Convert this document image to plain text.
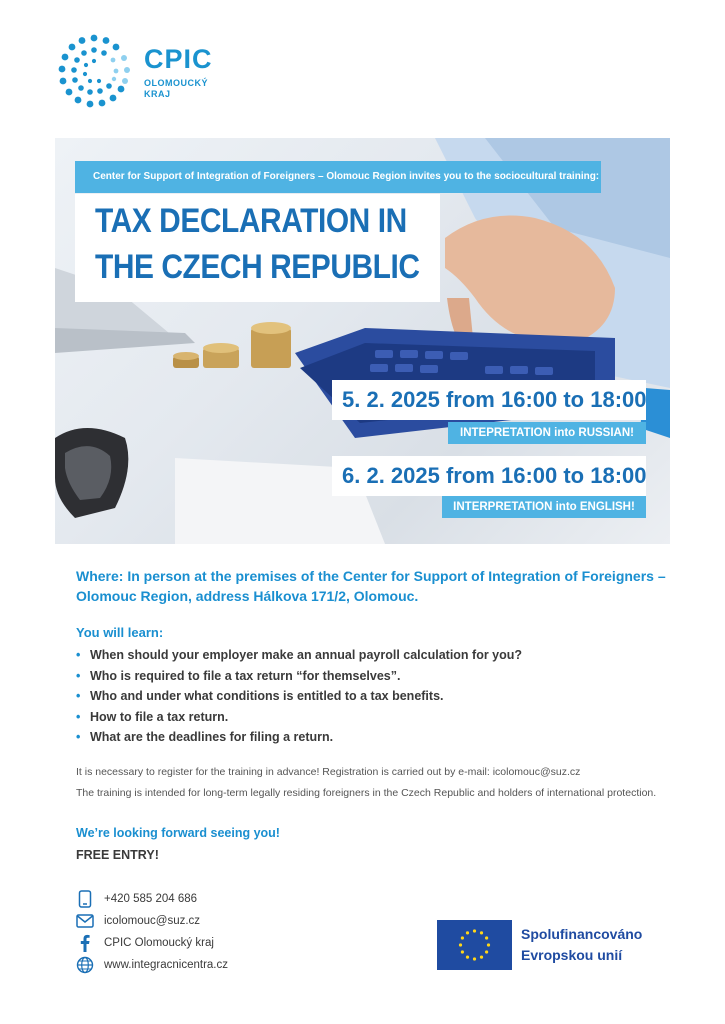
CPIC
OLOMOUCKÝ
KRAJ
Center for Support of Integration of Foreigners – Olomouc Region invites you to the sociocultural training:
TAX DECLARATION IN
THE CZECH REPUBLIC
5. 2. 2025 from 16:00 to 18:00
INTEPRETATION into RUSSIAN!
6. 2. 2025 from 16:00 to 18:00
INTERPRETATION into ENGLISH!
Where: In person at the premises of the Center for Support of Integration of Foreigners – Olomouc Region, address Hálkova 171/2, Olomouc.
You will learn:
• When should your employer make an annual payroll calculation for you?
• Who is required to file a tax return “for themselves”.
• Who and under what conditions is entitled to a tax benefits.
• How to file a tax return.
• What are the deadlines for filing a return.
It is necessary to register for the training in advance! Registration is carried out by e-mail: icolomouc@suz.cz
The training is intended for long-term legally residing foreigners in the Czech Republic and holders of international protection.
We’re looking forward seeing you!
FREE ENTRY!
+420 585 204 686
icolomouc@suz.cz
CPIC Olomoucký kraj
www.integracnicentra.cz
Spolufinancováno
Evropskou unií
